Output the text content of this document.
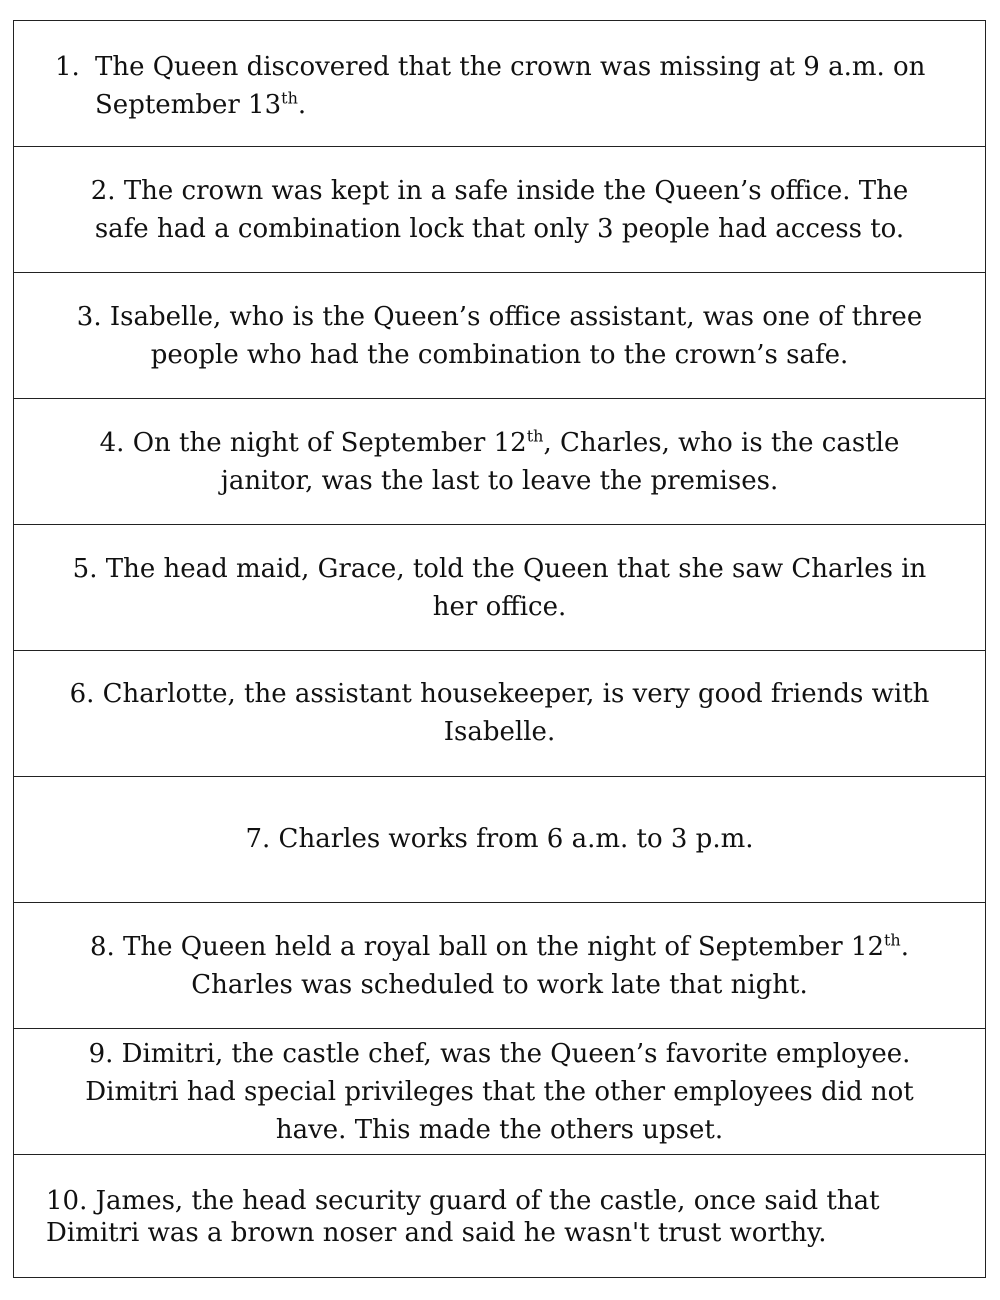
1. The Queen discovered that the crown was missing at 9 a.m. on September 13th.

2. The crown was kept in a safe inside the Queen’s office. The
safe had a combination lock that only 3 people had access to.

3. Isabelle, who is the Queen’s office assistant, was one of three
people who had the combination to the crown’s safe.

4. On the night of September 12th, Charles, who is the castle
janitor, was the last to leave the premises.

5. The head maid, Grace, told the Queen that she saw Charles in
her office.

6. Charlotte, the assistant housekeeper, is very good friends with
Isabelle.

7. Charles works from 6 a.m. to 3 p.m.

8. The Queen held a royal ball on the night of September 12th.
Charles was scheduled to work late that night.

9. Dimitri, the castle chef, was the Queen’s favorite employee.
Dimitri had special privileges that the other employees did not
have. This made the others upset.

10. James, the head security guard of the castle, once said that
Dimitri was a brown noser and said he wasn't trust worthy.
